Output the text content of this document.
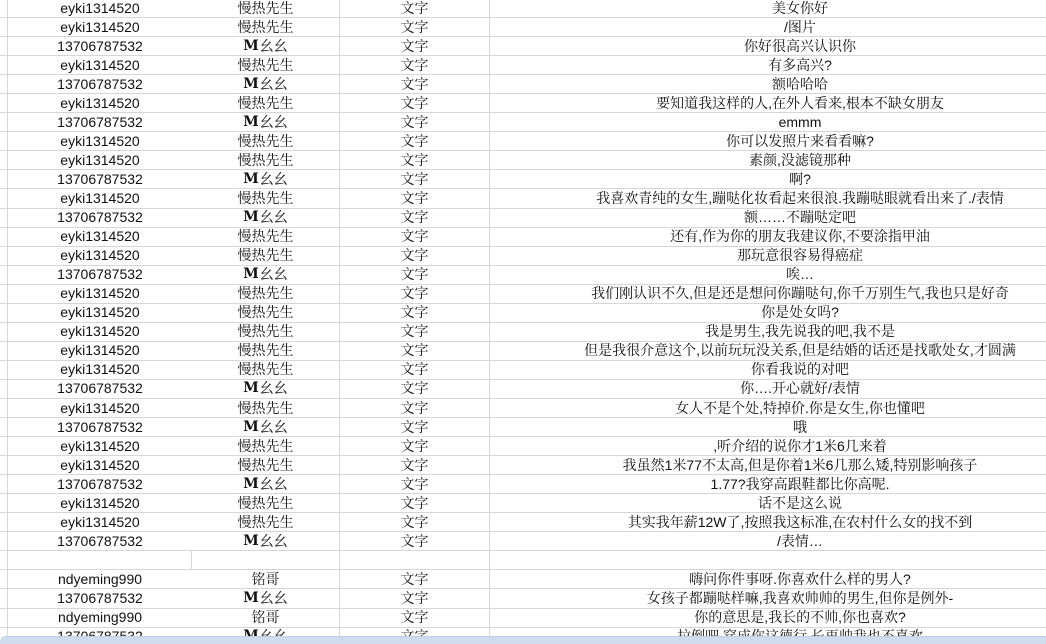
eyki1314520	慢热先生	文字	美女你好
eyki1314520	慢热先生	文字	/图片
13706787532	M 幺幺	文字	你好很高兴认识你
eyki1314520	慢热先生	文字	有多高兴?
13706787532	M 幺幺	文字	额哈哈哈
eyki1314520	慢热先生	文字	要知道我这样的人,在外人看来,根本不缺女朋友
13706787532	M 幺幺	文字	emmm
eyki1314520	慢热先生	文字	你可以发照片来看看嘛?
eyki1314520	慢热先生	文字	素颜,没滤镜那种
13706787532	M 幺幺	文字	啊?
eyki1314520	慢热先生	文字	我喜欢青纯的女生,蹦哒化妆看起来很浪.我蹦哒眼就看出来了./表情
13706787532	M 幺幺	文字	额……不蹦哒定吧
eyki1314520	慢热先生	文字	还有,作为你的朋友我建议你,不要涂指甲油
eyki1314520	慢热先生	文字	那玩意很容易得癌症
13706787532	M 幺幺	文字	唉…
eyki1314520	慢热先生	文字	我们刚认识不久,但是还是想问你蹦哒句,你千万别生气,我也只是好奇
eyki1314520	慢热先生	文字	你是处女吗?
eyki1314520	慢热先生	文字	我是男生,我先说我的吧,我不是
eyki1314520	慢热先生	文字	但是我很介意这个,以前玩玩没关系,但是结婚的话还是找歌处女,才圆满
eyki1314520	慢热先生	文字	你看我说的对吧
13706787532	M 幺幺	文字	你….开心就好/表情
eyki1314520	慢热先生	文字	女人不是个处,特掉价.你是女生,你也懂吧
13706787532	M 幺幺	文字	哦
eyki1314520	慢热先生	文字	,听介绍的说你才1米6几来着
eyki1314520	慢热先生	文字	我虽然1米77不太高,但是你着1米6几那么矮,特别影响孩子
13706787532	M 幺幺	文字	1.77?我穿高跟鞋都比你高呢.
eyki1314520	慢热先生	文字	话不是这么说
eyki1314520	慢热先生	文字	其实我年薪12W了,按照我这标准,在农村什么女的找不到
13706787532	M 幺幺	文字	/表情…
ndyeming990	铭哥	文字	嗨问你件事呀.你喜欢什么样的男人?
13706787532	M 幺幺	文字	女孩子都蹦哒样嘛,我喜欢帅帅的男生,但你是例外-
ndyeming990	铭哥	文字	你的意思是,我长的不帅,你也喜欢?
